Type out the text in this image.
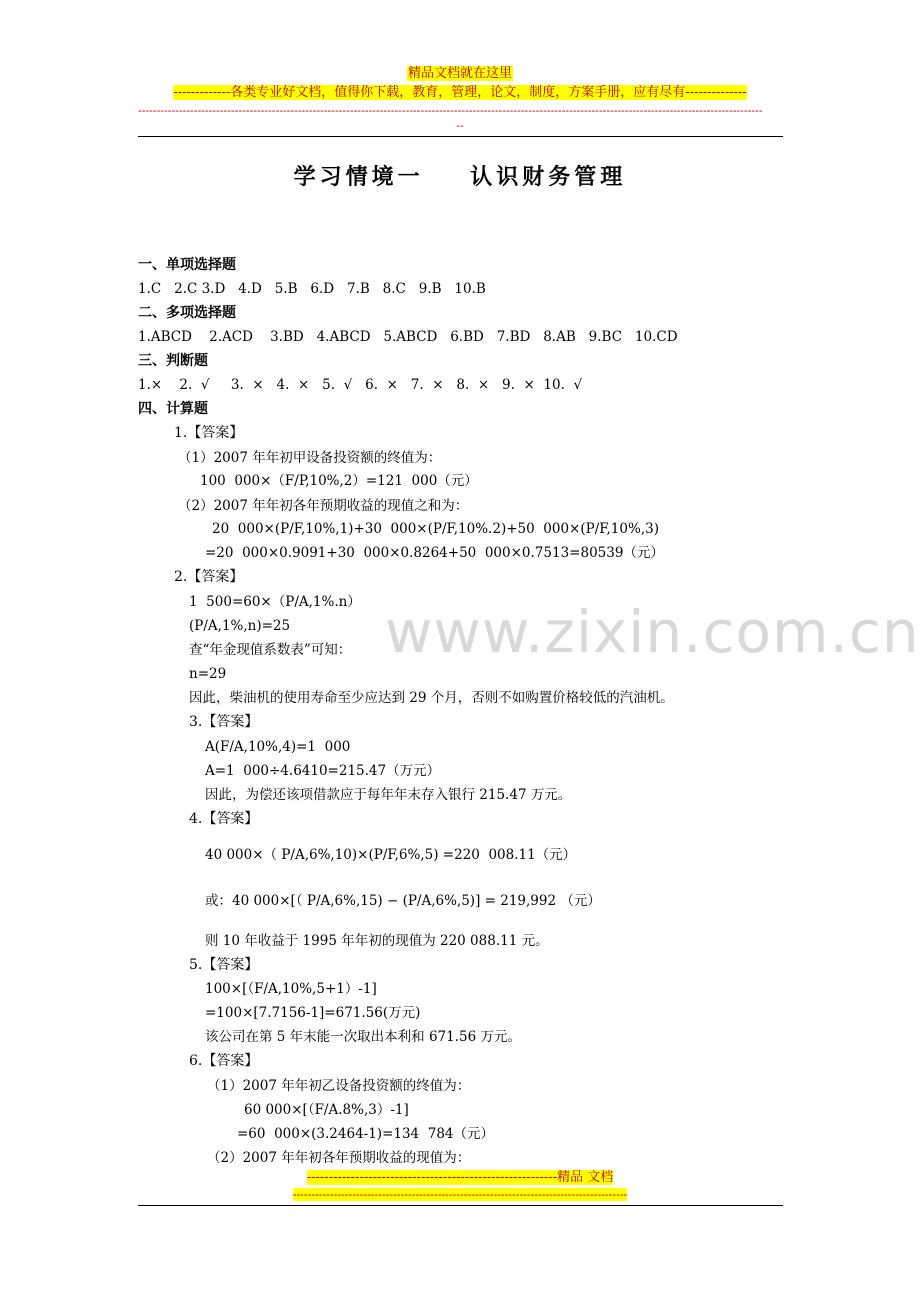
精品文档就在这里
-------------各类专业好文档，值得你下载，教育，管理，论文，制度，方案手册，应有尽有--------------
------------------------------------------------------------------------------------------------------------------------------------------------------------------------
--
学习情境一    认识财务管理
www.zixin.com.cn
一、单项选择题
1.C   2.C 3.D   4.D   5.B   6.D   7.B   8.C   9.B   10.B
二、多项选择题
1.ABCD    2.ACD    3.BD   4.ABCD   5.ABCD   6.BD   7.BD   8.AB   9.BC   10.CD
三、判断题
1.×    2.  √     3.  ×   4.  ×   5.  √   6.  ×   7.  ×   8.  ×   9.  ×  10.  √
四、计算题
1.【答案】
（1）2007 年年初甲设备投资额的终值为：
100  000×（F/P,10%,2）=121  000（元）
（2）2007 年年初各年预期收益的现值之和为：
20  000×(P/F,10%,1)+30  000×(P/F,10%.2)+50  000×(P/F,10%,3)
=20  000×0.9091+30  000×0.8264+50  000×0.7513=80539（元）
2.【答案】
1  500=60×（P/A,1%.n）
(P/A,1%,n)=25
查“年金现值系数表”可知：
n=29
因此，柴油机的使用寿命至少应达到 29 个月，否则不如购置价格较低的汽油机。
3.【答案】
A(F/A,10%,4)=1  000
A=1  000÷4.6410=215.47（万元）
因此，为偿还该项借款应于每年年末存入银行 215.47 万元。
4.【答案】
40 000×（ P/A,6%,10)×(P/F,6%,5) =220  008.11（元）
或：40 000×[（ P/A,6%,15) − (P/A,6%,5)] = 219,992 （元）
则 10 年收益于 1995 年年初的现值为 220 088.11 元。
5.【答案】
100×[（F/A,10%,5+1）-1]
=100×[7.7156-1]=671.56(万元)
该公司在第 5 年末能一次取出本利和 671.56 万元。
6.【答案】
（1）2007 年年初乙设备投资额的终值为：
60 000×[（F/A.8%,3）-1]
=60  000×(3.2464-1)=134  784（元）
（2）2007 年年初各年预期收益的现值为：
---------------------------------------------------------精品 文档
------------------------------------------------------------------------------------------
